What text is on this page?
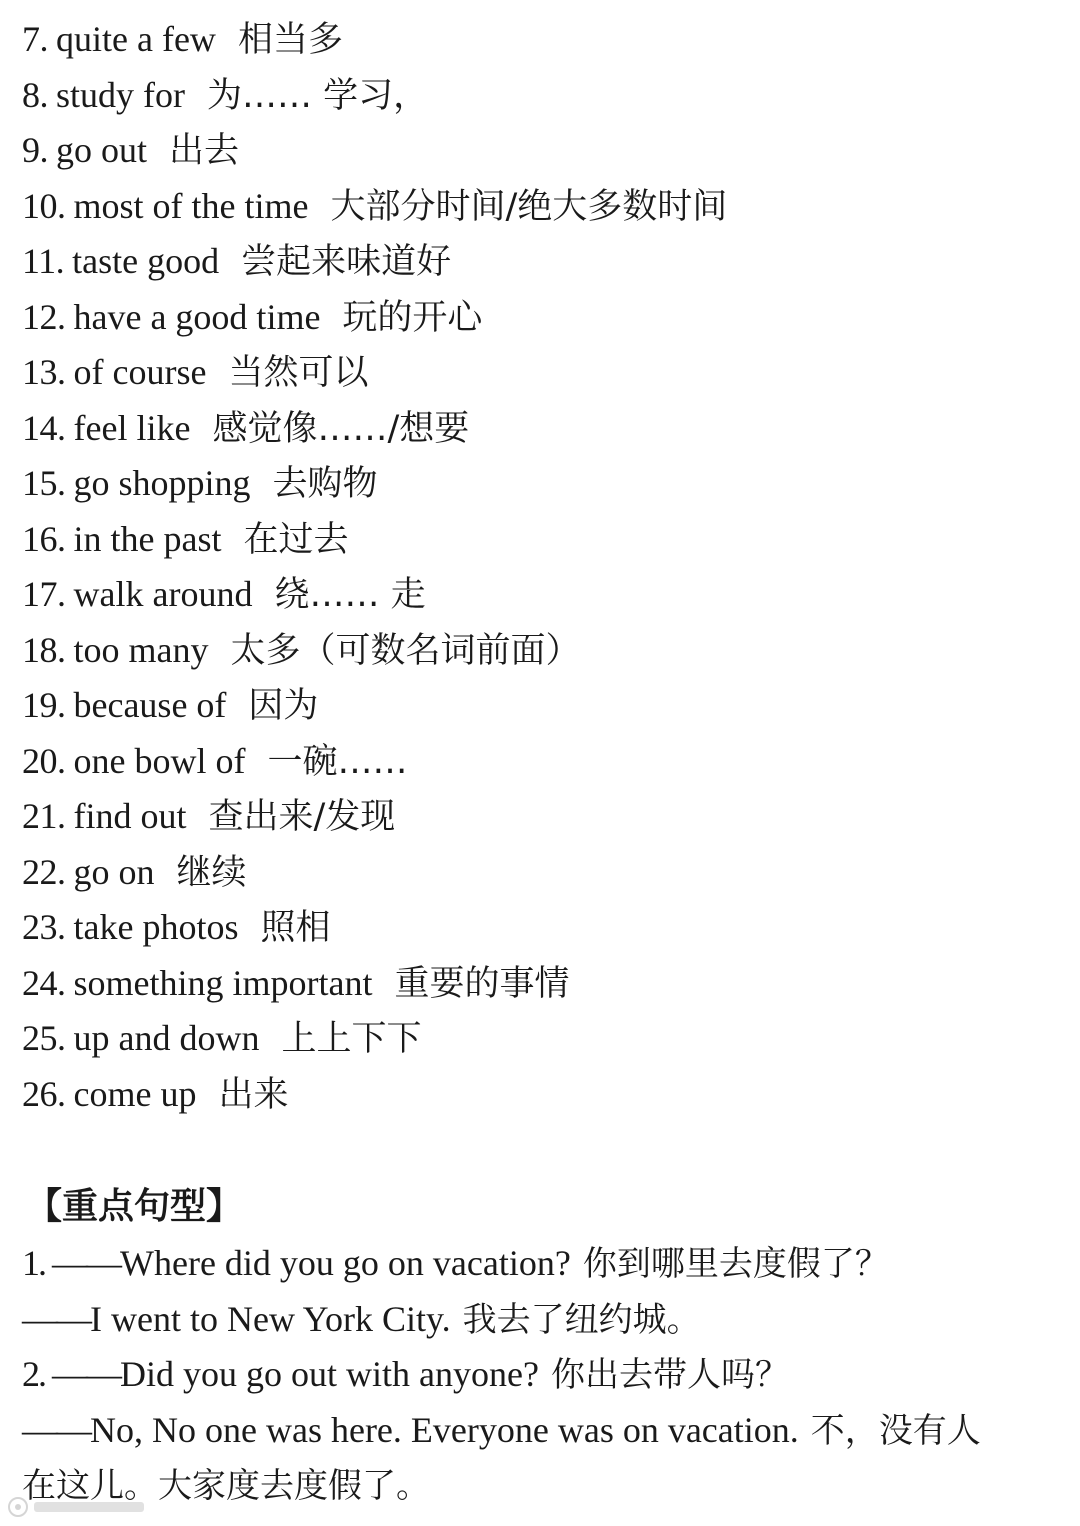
7. quite a few 相当多
8. study for 为…… 学习，
9. go out 出去
10. most of the time 大部分时间/绝大多数时间
11. taste good 尝起来味道好
12. have a good time 玩的开心
13. of course 当然可以
14. feel like 感觉像……/想要
15. go shopping 去购物
16. in the past 在过去
17. walk around 绕…… 走
18. too many 太多（可数名词前面）
19. because of 因为
20. one bowl of 一碗……
21. find out 查出来/发现
22. go on 继续
23. take photos 照相
24. something important 重要的事情
25. up and down 上上下下
26. come up 出来
【重点句型】
1. ——Where did you go on vacation? 你到哪里去度假了？
——I went to New York City. 我去了纽约城。
2. ——Did you go out with anyone? 你出去带人吗？
——No, No one was here. Everyone was on vacation. 不，没有人
在这儿。大家度去度假了。
